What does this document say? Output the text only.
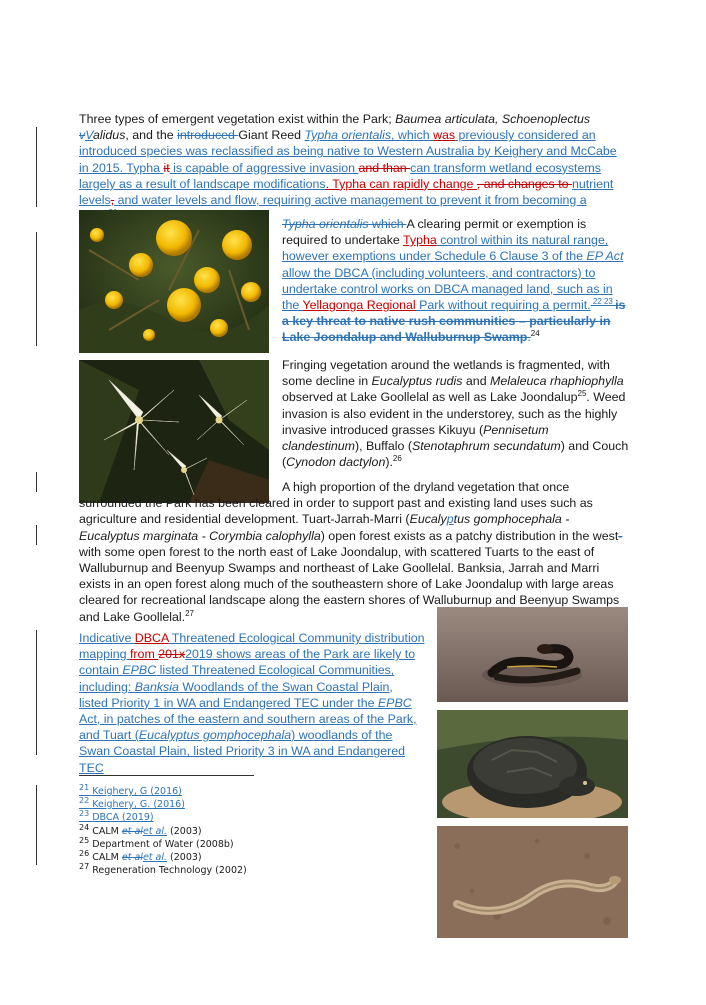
Three types of emergent vegetation exist within the Park; Baumea articulata, Schoenoplectus vValidus, and the introduced Giant Reed Typha orientalis, which was previously considered an introduced species was reclassified as being native to Western Australia by Keighery and McCabe in 2015. Typha it is capable of aggressive invasion and than can transform wetland ecosystems largely as a result of landscape modifications. Typha can rapidly change , and changes to nutrient levels, and water levels and flow, requiring active management to prevent it from becoming a
Typha orientalis which A clearing permit or exemption is required to undertake Typha control within its natural range, however exemptions under Schedule 6 Clause 3 of the EP Act allow the DBCA (including volunteers, and contractors) to undertake control works on DBCA managed land, such as in the Yellagonga Regional Park without requiring a permit. $^{22 23}$ is a key threat to native rush communities – particularly in Lake Joondalup and Walluburnup Swamp.$^{24}$
Fringing vegetation around the wetlands is fragmented, with some decline in Eucalyptus rudis and Melaleuca rhaphiophylla observed at Lake Goollelal as well as Lake Joondalup$^{25}$. Weed invasion is also evident in the understorey, such as the highly invasive introduced grasses Kikuyu (Pennisetum clandestinum), Buffalo (Stenotaphrum secundatum) and Couch (Cynodon dactylon).$^{26}$
A high proportion of the dryland vegetation that once surrounded the Park has been cleared in order to support past and existing land uses such as agriculture and residential development. Tuart-Jarrah-Marri (Eucalyptus gomphocephala - Eucalyptus marginata - Corymbia calophylla) open forest exists as a patchy distribution in the west- with some open forest to the north east of Lake Joondalup, with scattered Tuarts to the east of Walluburnup and Beenyup Swamps and northeast of Lake Goollelal. Banksia, Jarrah and Marri exists in an open forest along much of the southeastern shore of Lake Joondalup with large areas cleared for recreational landscape along the eastern shores of Walluburnup and Beenyup Swamps and Lake Goollelal.$^{27}$
Indicative DBCA Threatened Ecological Community distribution mapping from 201x2019 shows areas of the Park are likely to contain EPBC listed Threatened Ecological Communities, including: Banksia Woodlands of the Swan Coastal Plain, listed Priority 1 in WA and Endangered TEC under the EPBC Act, in patches of the eastern and southern areas of the Park, and Tuart (Eucalyptus gomphocephala) woodlands of the Swan Coastal Plain, listed Priority 3 in WA and Endangered TEC
$^{21}$ Keighery, G (2016)
$^{22}$ Keighery, G. (2016)
$^{23}$ DBCA (2019)
$^{24}$ CALM et alet al. (2003)
$^{25}$ Department of Water (2008b)
$^{26}$ CALM et alet al. (2003)
$^{27}$ Regeneration Technology (2002)
